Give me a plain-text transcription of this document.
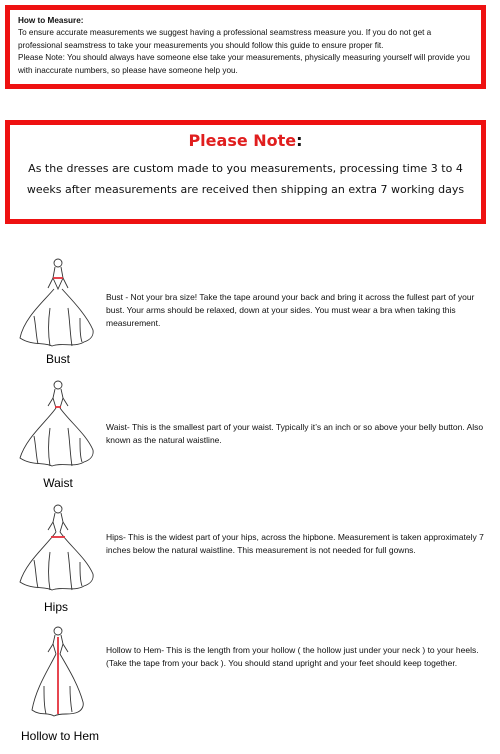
How to Measure:

To ensure accurate measurements we suggest having a professional seamstress measure you. If you do not get a professional seamstress to take your measurements you should follow this guide to ensure proper fit.

Please Note: You should always have someone else take your measurements, physically measuring yourself will provide you with inaccurate numbers, so please have someone help you.

Please Note:
As the dresses are custom made to you measurements, processing time 3 to 4 weeks after measurements are received then shipping an extra 7 working days
Bust
Bust - Not your bra size! Take the tape around your back and bring it across the fullest part of your bust. Your arms should be relaxed, down at your sides. You must wear a bra when taking this measurement.
Waist
Waist- This is the smallest part of your waist. Typically it’s an inch or so above your belly button. Also known as the natural waistline.
Hips
Hips- This is the widest part of your hips, across the hipbone. Measurement is taken approximately 7 inches below the natural waistline. This measurement is not needed for full gowns.
Hollow to Hem
Hollow to Hem- This is the length from your hollow ( the hollow just under your neck ) to your heels. (Take the tape from your back ). You should stand upright and your feet should keep together.
